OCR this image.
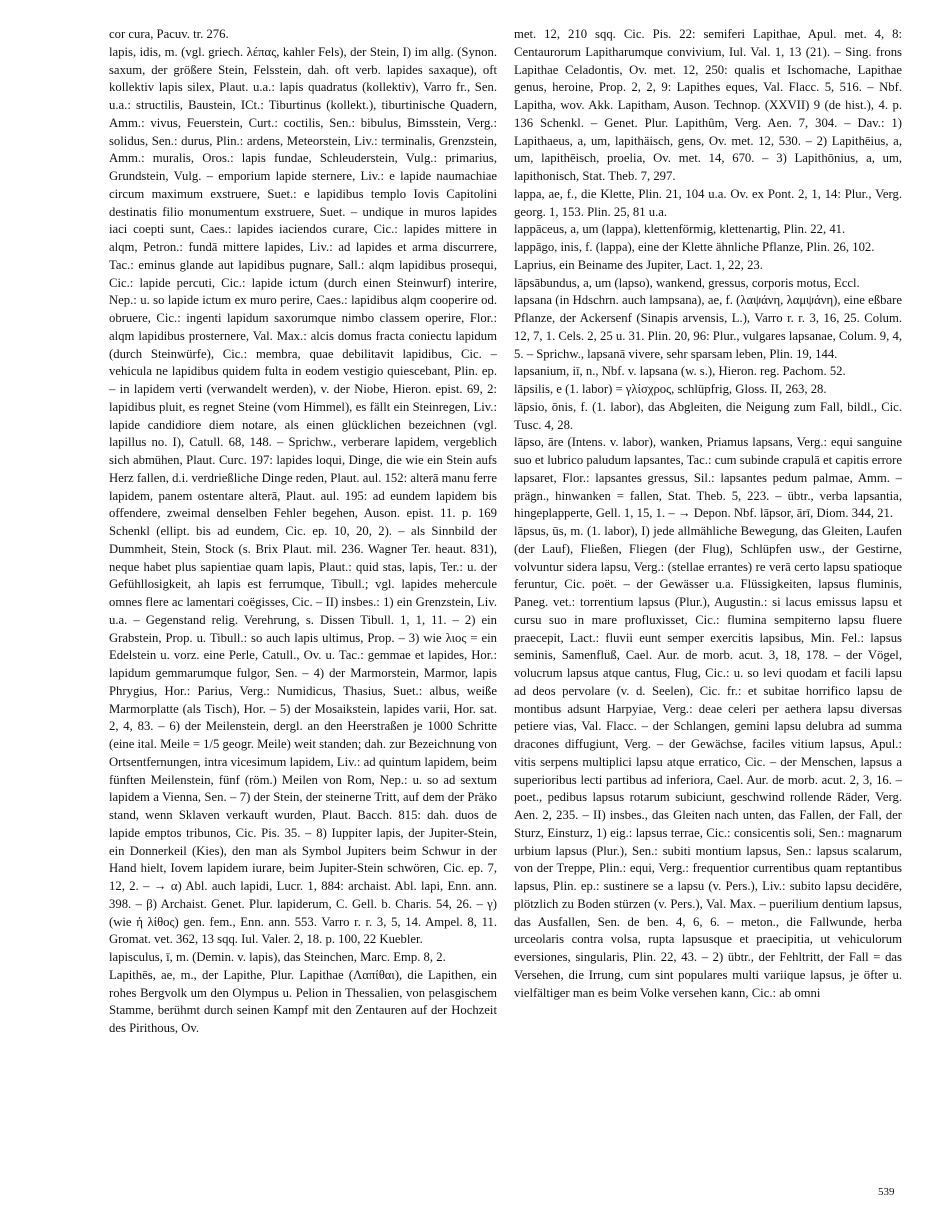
cor cura, Pacuv. tr. 276.

lapis, idis, m. (vgl. griech. λέπας, kahler Fels), der Stein, I) im allg. (Synon. saxum, der größere Stein, Felsstein, dah. oft verb. lapides saxaque), oft kollektiv lapis silex, Plaut. u.a.: lapis quadratus (kollektiv), Varro fr., Sen. u.a.: structilis, Baustein, ICt.: Tiburtinus (kollekt.), tiburtinische Quadern, Amm.: vivus, Feuerstein, Curt.: coctilis, Sen.: bibulus, Bimsstein, Verg.: solidus, Sen.: durus, Plin.: ardens, Meteorstein, Liv.: terminalis, Grenzstein, Amm.: muralis, Oros.: lapis fundae, Schleuderstein, Vulg.: primarius, Grundstein, Vulg. – emporium lapide sternere, Liv.: e lapide naumachiae circum maximum exstruere, Suet.: e lapidibus templo Iovis Capitolini destinatis filio monumentum exstruere, Suet. – undique in muros lapides iaci coepti sunt, Caes.: lapides iaciendos curare, Cic.: lapides mittere in alqm, Petron.: fundā mittere lapides, Liv.: ad lapides et arma discurrere, Tac.: eminus glande aut lapidibus pugnare, Sall.: alqm lapidibus prosequi, Cic.: lapide percuti, Cic.: lapide ictum (durch einen Steinwurf) interire, Nep.: u. so lapide ictum ex muro perire, Caes.: lapidibus alqm cooperire od. obruere, Cic.: ingenti lapidum saxorumque nimbo classem operire, Flor.: alqm lapidibus prosternere, Val. Max.: alcis domus fracta coniectu lapidum (durch Steinwürfe), Cic.: membra, quae debilitavit lapidibus, Cic. – vehicula ne lapidibus quidem fulta in eodem vestigio quiescebant, Plin. ep. – in lapidem verti (verwandelt werden), v. der Niobe, Hieron. epist. 69, 2: lapidibus pluit, es regnet Steine (vom Himmel), es fällt ein Steinregen, Liv.: lapide candidiore diem notare, als einen glücklichen bezeichnen (vgl. lapillus no. I), Catull. 68, 148. – Sprichw., verberare lapidem, vergeblich sich abmühen, Plaut. Curc. 197: lapides loqui, Dinge, die wie ein Stein aufs Herz fallen, d.i. verdrießliche Dinge reden, Plaut. aul. 152: alterā manu ferre lapidem, panem ostentare alterā, Plaut. aul. 195: ad eundem lapidem bis offendere, zweimal denselben Fehler begehen, Auson. epist. 11. p. 169 Schenkl (ellipt. bis ad eundem, Cic. ep. 10, 20, 2). – als Sinnbild der Dummheit, Stein, Stock (s. Brix Plaut. mil. 236. Wagner Ter. heaut. 831), neque habet plus sapientiae quam lapis, Plaut.: quid stas, lapis, Ter.: u. der Gefühllosigkeit, ah lapis est ferrumque, Tibull.; vgl. lapides mehercule omnes flere ac lamentari coëgisses, Cic. – II) insbes.: 1) ein Grenzstein, Liv. u.a. – Gegenstand relig. Verehrung, s. Dissen Tibull. 1, 1, 11. – 2) ein Grabstein, Prop. u. Tibull.: so auch lapis ultimus, Prop. – 3) wie λιος = ein Edelstein u. vorz. eine Perle, Catull., Ov. u. Tac.: gemmae et lapides, Hor.: lapidum gemmarumque fulgor, Sen. – 4) der Marmorstein, Marmor, lapis Phrygius, Hor.: Parius, Verg.: Numidicus, Thasius, Suet.: albus, weiße Marmorplatte (als Tisch), Hor. – 5) der Mosaikstein, lapides varii, Hor. sat. 2, 4, 83. – 6) der Meilenstein, dergl. an den Heerstraßen je 1000 Schritte (eine ital. Meile = 1/5 geogr. Meile) weit standen; dah. zur Bezeichnung von Ortsentfernungen, intra vicesimum lapidem, Liv.: ad quintum lapidem, beim fünften Meilenstein, fünf (röm.) Meilen von Rom, Nep.: u. so ad sextum lapidem a Vienna, Sen. – 7) der Stein, der steinerne Tritt, auf dem der Präko stand, wenn Sklaven verkauft wurden, Plaut. Bacch. 815: dah. duos de lapide emptos tribunos, Cic. Pis. 35. – 8) Iuppiter lapis, der Jupiter-Stein, ein Donnerkeil (Kies), den man als Symbol Jupiters beim Schwur in der Hand hielt, Iovem lapidem iurare, beim Jupiter-Stein schwören, Cic. ep. 7, 12, 2. – → α) Abl. auch lapidi, Lucr. 1, 884: archaist. Abl. lapi, Enn. ann. 398. – β) Archaist. Genet. Plur. lapiderum, C. Gell. b. Charis. 54, 26. – γ) (wie ἡ λίθος) gen. fem., Enn. ann. 553. Varro r. r. 3, 5, 14. Ampel. 8, 11. Gromat. vet. 362, 13 sqq. Iul. Valer. 2, 18. p. 100, 22 Kuebler.

lapisculus, ī, m. (Demin. v. lapis), das Steinchen, Marc. Emp. 8, 2.

Lapithēs, ae, m., der Lapithe, Plur. Lapithae (Λαπίθαι), die Lapithen, ein rohes Bergvolk um den Olympus u. Pelion in Thessalien, von pelasgischem Stamme, berühmt durch seinen Kampf mit den Zentauren auf der Hochzeit des Pirithous, Ov.

met. 12, 210 sqq. Cic. Pis. 22: semiferi Lapithae, Apul. met. 4, 8: Centaurorum Lapitharumque convivium, Iul. Val. 1, 13 (21). – Sing. frons Lapithae Celadontis, Ov. met. 12, 250: qualis et Ischomache, Lapithae genus, heroine, Prop. 2, 2, 9: Lapithes eques, Val. Flacc. 5, 516. – Nbf. Lapitha, wov. Akk. Lapitham, Auson. Technop. (XXVII) 9 (de hist.), 4. p. 136 Schenkl. – Genet. Plur. Lapithûm, Verg. Aen. 7, 304. – Dav.: 1) Lapithaeus, a, um, lapithäisch, gens, Ov. met. 12, 530. – 2) Lapithēius, a, um, lapithēisch, proelia, Ov. met. 14, 670. – 3) Lapithōnius, a, um, lapithonisch, Stat. Theb. 7, 297.

lappa, ae, f., die Klette, Plin. 21, 104 u.a. Ov. ex Pont. 2, 1, 14: Plur., Verg. georg. 1, 153. Plin. 25, 81 u.a.

lappāceus, a, um (lappa), klettenförmig, klettenartig, Plin. 22, 41.

lappāgo, inis, f. (lappa), eine der Klette ähnliche Pflanze, Plin. 26, 102.

Laprius, ein Beiname des Jupiter, Lact. 1, 22, 23.

lāpsābundus, a, um (lapso), wankend, gressus, corporis motus, Eccl.

lapsana (in Hdschrn. auch lampsana), ae, f. (λαψάνη, λαμψάνη), eine eßbare Pflanze, der Ackersenf (Sinapis arvensis, L.), Varro r. r. 3, 16, 25. Colum. 12, 7, 1. Cels. 2, 25 u. 31. Plin. 20, 96: Plur., vulgares lapsanae, Colum. 9, 4, 5. – Sprichw., lapsanā vivere, sehr sparsam leben, Plin. 19, 144.

lapsanium, iī, n., Nbf. v. lapsana (w. s.), Hieron. reg. Pachom. 52.

lāpsilis, e (1. labor) = γλίσχρος, schlüpfrig, Gloss. II, 263, 28.

lāpsio, ōnis, f. (1. labor), das Abgleiten, die Neigung zum Fall, bildl., Cic. Tusc. 4, 28.

lāpso, āre (Intens. v. labor), wanken, Priamus lapsans, Verg.: equi sanguine suo et lubrico paludum lapsantes, Tac.: cum subinde crapulā et capitis errore lapsaret, Flor.: lapsantes gressus, Sil.: lapsantes pedum palmae, Amm. – prägn., hinwanken = fallen, Stat. Theb. 5, 223. – übtr., verba lapsantia, hingeplapperte, Gell. 1, 15, 1. – → Depon. Nbf. lāpsor, ārī, Diom. 344, 21.

lāpsus, ūs, m. (1. labor), I) jede allmähliche Bewegung, das Gleiten, Laufen (der Lauf), Fließen, Fliegen (der Flug), Schlüpfen usw., der Gestirne, volvuntur sidera lapsu, Verg.: (stellae errantes) re verā certo lapsu spatioque feruntur, Cic. poët. – der Gewässer u.a. Flüssigkeiten, lapsus fluminis, Paneg. vet.: torrentium lapsus (Plur.), Augustin.: si lacus emissus lapsu et cursu suo in mare profluxisset, Cic.: flumina sempiterno lapsu fluere praecepit, Lact.: fluvii eunt semper exercitis lapsibus, Min. Fel.: lapsus seminis, Samenfluß, Cael. Aur. de morb. acut. 3, 18, 178. – der Vögel, volucrum lapsus atque cantus, Flug, Cic.: u. so levi quodam et facili lapsu ad deos pervolare (v. d. Seelen), Cic. fr.: et subitae horrifico lapsu de montibus adsunt Harpyiae, Verg.: deae celeri per aethera lapsu diversas petiere vias, Val. Flacc. – der Schlangen, gemini lapsu delubra ad summa dracones diffugiunt, Verg. – der Gewächse, faciles vitium lapsus, Apul.: vitis serpens multiplici lapsu atque erratico, Cic. – der Menschen, lapsus a superioribus lecti partibus ad inferiora, Cael. Aur. de morb. acut. 2, 3, 16. – poet., pedibus lapsus rotarum subiciunt, geschwind rollende Räder, Verg. Aen. 2, 235. – II) insbes., das Gleiten nach unten, das Fallen, der Fall, der Sturz, Einsturz, 1) eig.: lapsus terrae, Cic.: consicentis soli, Sen.: magnarum urbium lapsus (Plur.), Sen.: subiti montium lapsus, Sen.: lapsus scalarum, von der Treppe, Plin.: equi, Verg.: frequentior currentibus quam reptantibus lapsus, Plin. ep.: sustinere se a lapsu (v. Pers.), Liv.: subito lapsu decidēre, plötzlich zu Boden stürzen (v. Pers.), Val. Max. – puerilium dentium lapsus, das Ausfallen, Sen. de ben. 4, 6, 6. – meton., die Fallwunde, herba urceolaris contra volsa, rupta lapsusque et praecipitia, ut vehiculorum eversiones, singularis, Plin. 22, 43. – 2) übtr., der Fehltritt, der Fall = das Versehen, die Irrung, cum sint populares multi variique lapsus, je öfter u. vielfältiger man es beim Volke versehen kann, Cic.: ab omni

539
